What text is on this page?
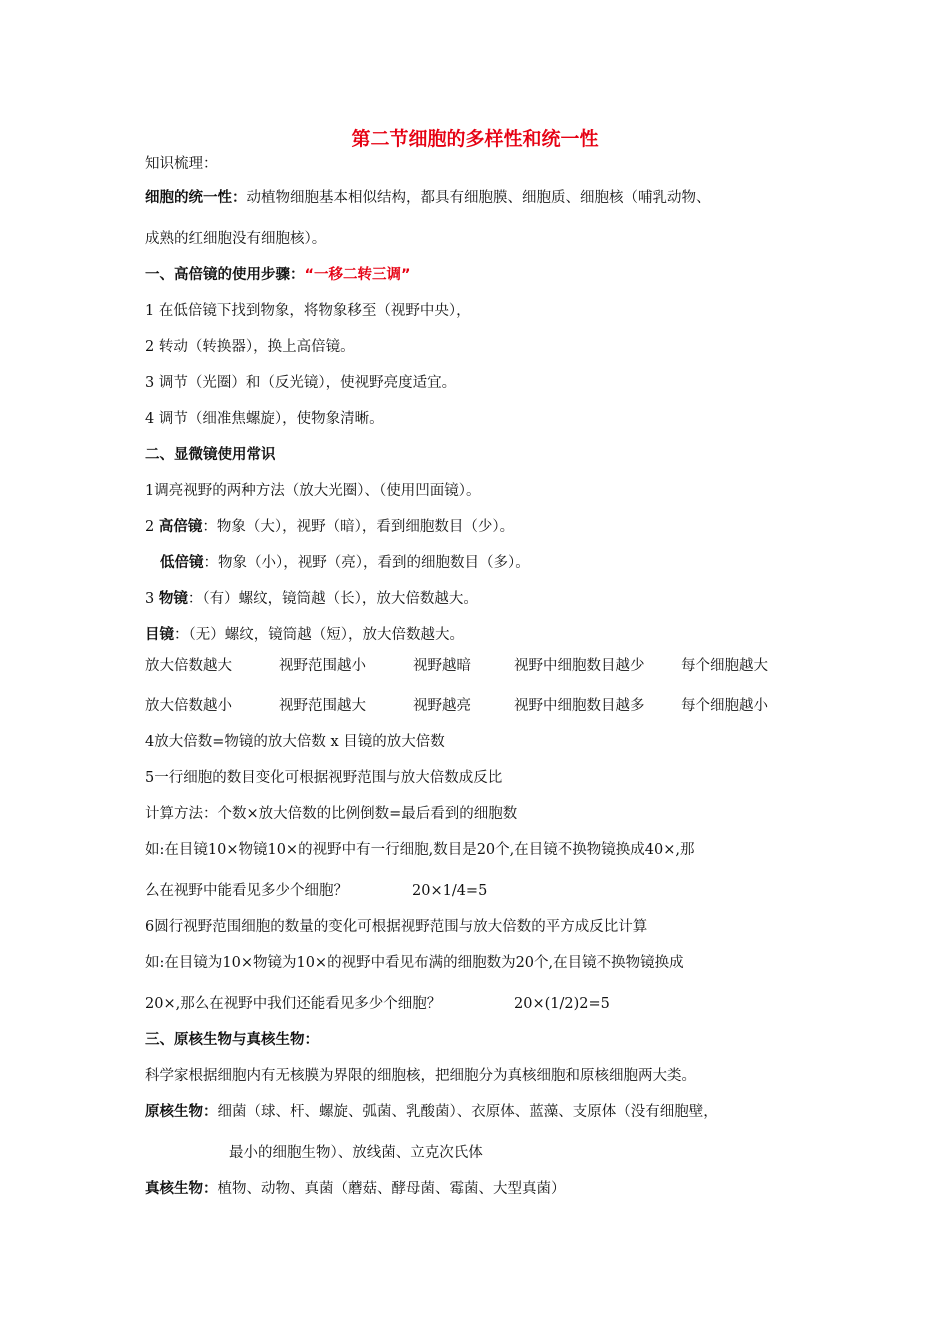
第二节细胞的多样性和统一性
知识梳理：
细胞的统一性：动植物细胞基本相似结构，都具有细胞膜、细胞质、细胞核（哺乳动物、
成熟的红细胞没有细胞核）。
一、高倍镜的使用步骤：“一移二转三调”
1 在低倍镜下找到物象，将物象移至（视野中央），
2 转动（转换器），换上高倍镜。
3 调节（光圈）和（反光镜），使视野亮度适宜。
4 调节（细准焦螺旋），使物象清晰。
二、显微镜使用常识
1调亮视野的两种方法（放大光圈）、（使用凹面镜）。
2 高倍镜：物象（大），视野（暗），看到细胞数目（少）。
低倍镜：物象（小），视野（亮），看到的细胞数目（多）。
3 物镜：（有）螺纹，镜筒越（长），放大倍数越大。
目镜：（无）螺纹，镜筒越（短），放大倍数越大。
放大倍数越大	视野范围越小	视野越暗	视野中细胞数目越少	每个细胞越大
放大倍数越小	视野范围越大	视野越亮	视野中细胞数目越多	每个细胞越小
4放大倍数=物镜的放大倍数 x 目镜的放大倍数
5一行细胞的数目变化可根据视野范围与放大倍数成反比
计算方法：个数×放大倍数的比例倒数=最后看到的细胞数
如:在目镜10×物镜10×的视野中有一行细胞,数目是20个,在目镜不换物镜换成40×,那
么在视野中能看见多少个细胞？	20×1/4=5
6圆行视野范围细胞的数量的变化可根据视野范围与放大倍数的平方成反比计算
如:在目镜为10×物镜为10×的视野中看见布满的细胞数为20个,在目镜不换物镜换成
20×,那么在视野中我们还能看见多少个细胞？	20×(1/2)2=5
三、原核生物与真核生物：
科学家根据细胞内有无核膜为界限的细胞核，把细胞分为真核细胞和原核细胞两大类。
原核生物：细菌（球、杆、螺旋、弧菌、乳酸菌）、衣原体、蓝藻、支原体（没有细胞壁，
最小的细胞生物）、放线菌、立克次氏体
真核生物：植物、动物、真菌（蘑菇、酵母菌、霉菌、大型真菌）
